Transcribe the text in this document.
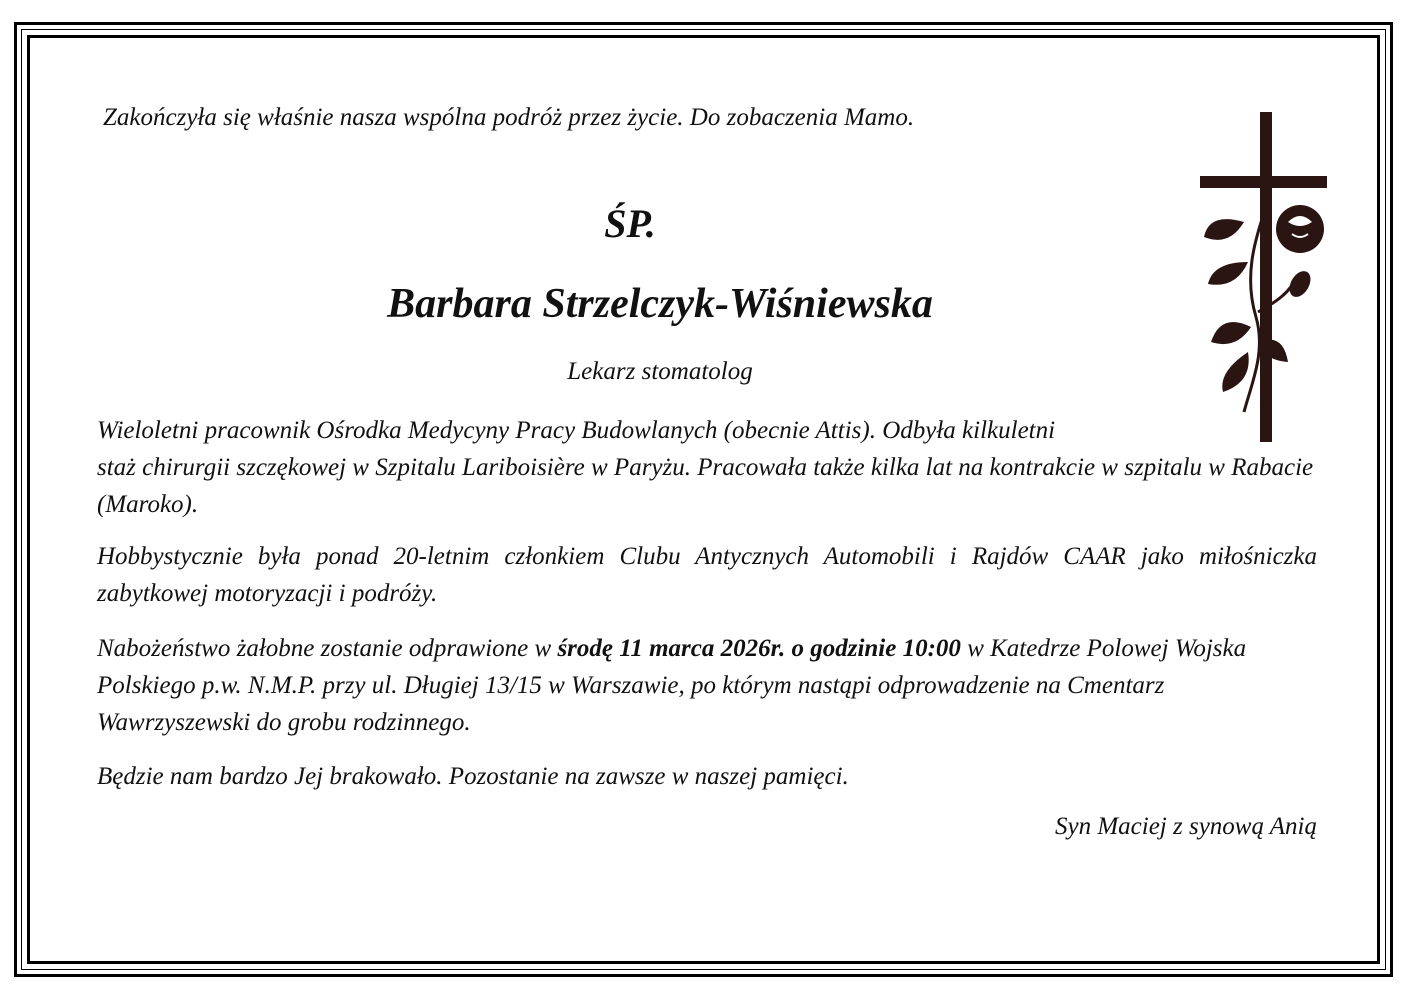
Zakończyła się właśnie nasza wspólna podróż przez życie. Do zobaczenia Mamo.
ŚP.
Barbara Strzelczyk-Wiśniewska
Lekarz stomatolog

Wieloletni pracownik Ośrodka Medycyny Pracy Budowlanych (obecnie Attis). Odbyła kilkuletni
staż chirurgii szczękowej w Szpitalu Lariboisière w Paryżu. Pracowała także kilka lat na kontrakcie w szpitalu w Rabacie (Maroko).

Hobbystycznie była ponad 20-letnim członkiem Clubu Antycznych Automobili i Rajdów CAAR jako miłośniczka zabytkowej motoryzacji i podróży.

Nabożeństwo żałobne zostanie odprawione w środę 11 marca 2026r. o godzinie 10:00 w Katedrze Polowej Wojska Polskiego p.w. N.M.P. przy ul. Długiej 13/15 w Warszawie, po którym nastąpi odprowadzenie na Cmentarz Wawrzyszewski do grobu rodzinnego.

Będzie nam bardzo Jej brakowało. Pozostanie na zawsze w naszej pamięci.

Syn Maciej z synową Anią
